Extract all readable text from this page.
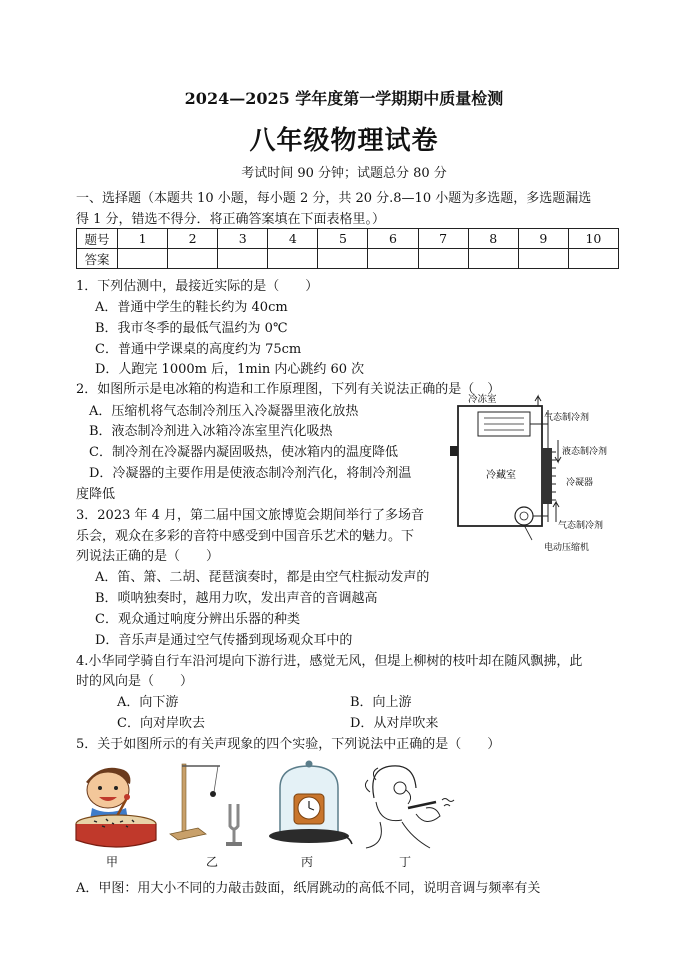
2024—2025 学年度第一学期期中质量检测
八年级物理试卷
考试时间 90 分钟；试题总分 80 分
一、选择题（本题共 10 小题，每小题 2 分，共 20 分.8—10 小题为多选题，多选题漏选
得 1 分，错选不得分．将正确答案填在下面表格里。）
题号	1	2	3	4	5	6	7	8	9	10
答案										
1．下列估测中，最接近实际的是（　　）
A．普通中学生的鞋长约为 40cm
B．我市冬季的最低气温约为 0℃
C．普通中学课桌的高度约为 75cm
D．人跑完 1000m 后，1min 内心跳约 60 次
2．如图所示是电冰箱的构造和工作原理图，下列有关说法正确的是（　）
A．压缩机将气态制冷剂压入冷凝器里液化放热
B．液态制冷剂进入冰箱冷冻室里汽化吸热
C．制冷剂在冷凝器内凝固吸热，使冰箱内的温度降低
D．冷凝器的主要作用是使液态制冷剂汽化，将制冷剂温
度降低
冷冻室
冷藏室
气态制冷剂
液态制冷剂
冷凝器
气态制冷剂
电动压缩机
3．2023 年 4 月，第二届中国文旅博览会期间举行了多场音
乐会，观众在多彩的音符中感受到中国音乐艺术的魅力。下
列说法正确的是（　　）
A．笛、箫、二胡、琵琶演奏时，都是由空气柱振动发声的
B．唢呐独奏时，越用力吹，发出声音的音调越高
C．观众通过响度分辨出乐器的种类
D．音乐声是通过空气传播到现场观众耳中的
4.小华同学骑自行车沿河堤向下游行进，感觉无风，但堤上柳树的枝叶却在随风飘拂，此
时的风向是（　　）
A．向下游	B．向上游
C．向对岸吹去	D．从对岸吹来
5．关于如图所示的有关声现象的四个实验，下列说法中正确的是（　　）
甲	乙	丙	丁
A．甲图：用大小不同的力敲击鼓面，纸屑跳动的高低不同，说明音调与频率有关
